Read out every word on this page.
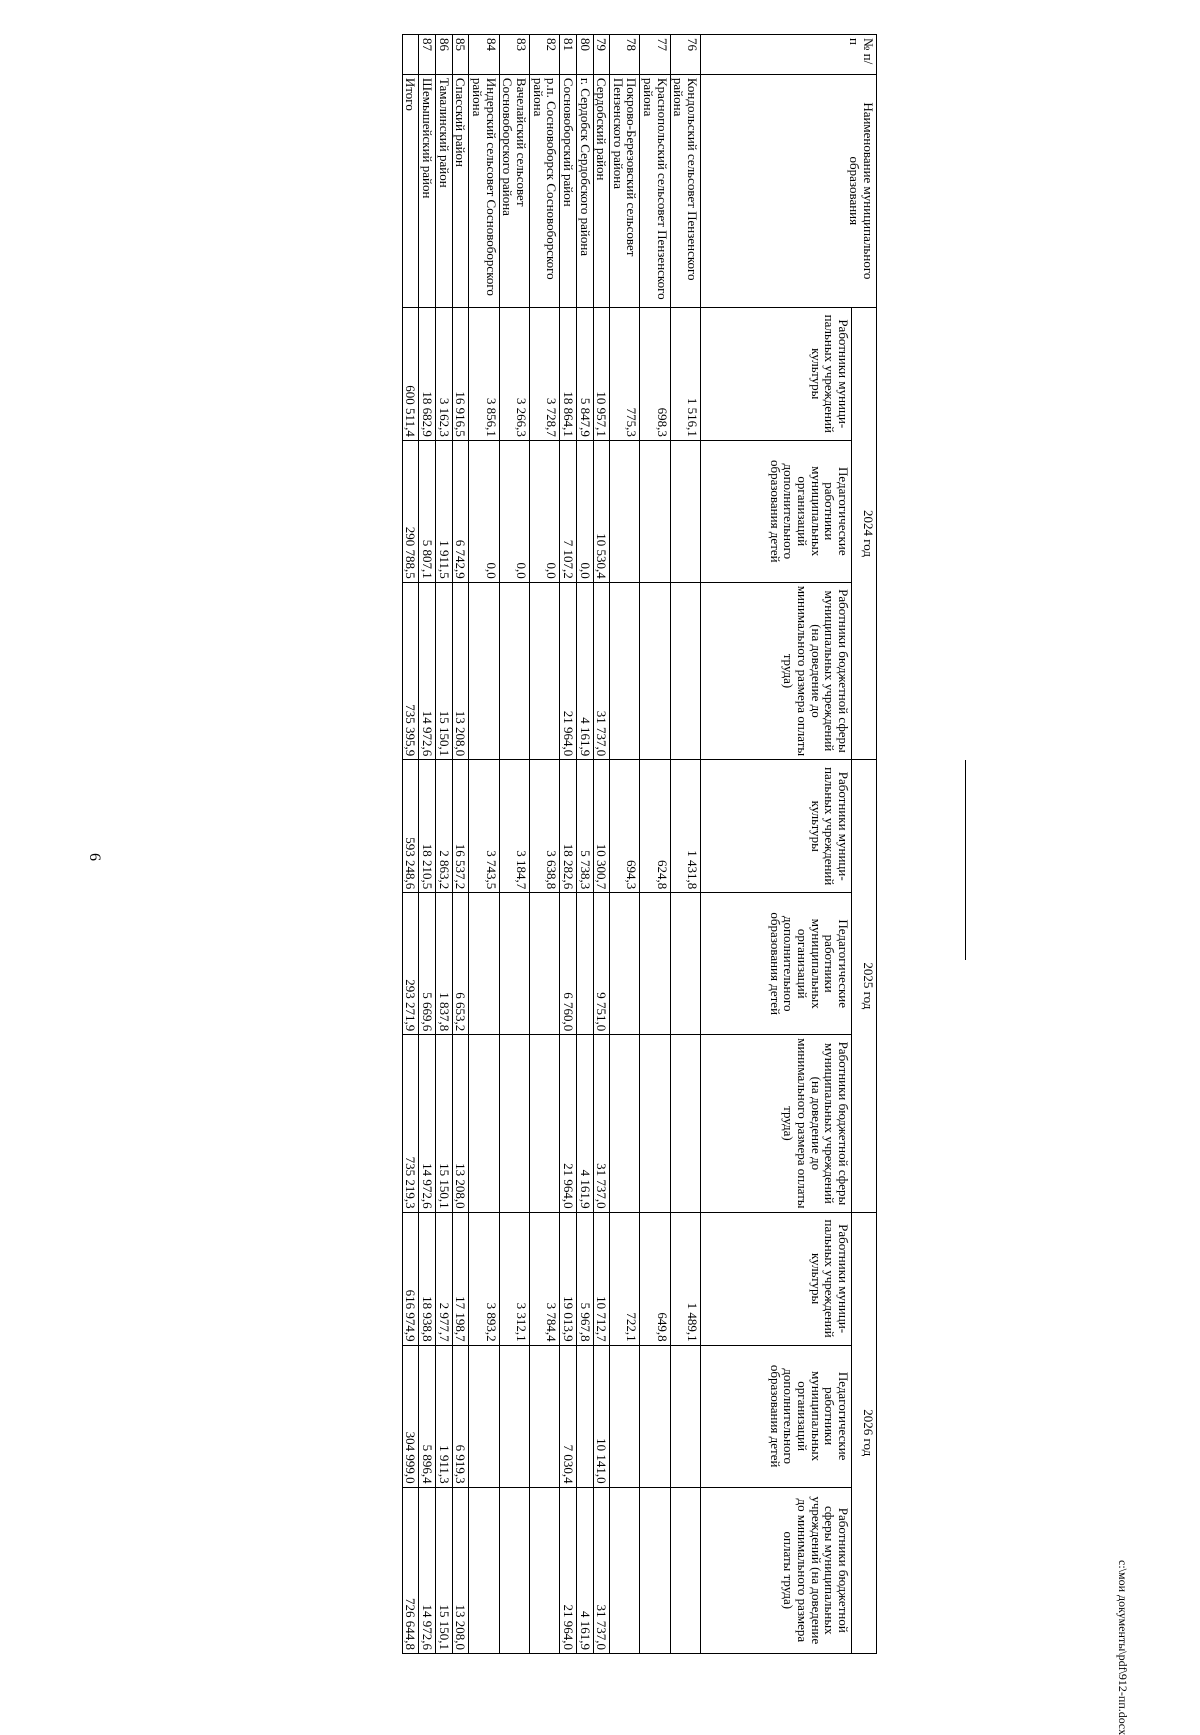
6
c:\мои документы\pdf\912-пп.docx
№ п/п	Наименование муниципального образования	2024 год			2025 год			2026 год		
		Работники муници-пальных учреждений культуры	Педагогические работники муниципальных организаций дополнительного образования детей	Работники бюджетной сферы муниципальных учреждений (на доведение до минимального размера оплаты труда)	Работники муници-пальных учреждений культуры	Педагогические работники муниципальных организаций дополнительного образования детей	Работники бюджетной сферы муниципальных учреждений (на доведение до минимального размера оплаты труда)	Работники муници-пальных учреждений культуры	Педагогические работники муниципальных организаций дополнительного образования детей	Работники бюджетной сферы муниципальных учреждений (на доведение до минимального размера оплаты труда)
76	Кондольский сельсовет Пензенского района	1 516,1			1 431,8			1 489,1		
77	Краснопольский сельсовет Пензенского района	698,3			624,8			649,8		
78	Покрово-Березовский сельсовет Пензенского района	775,3			694,3			722,1		
79	Сердобский район	10 957,1	10 530,4	31 737,0	10 300,7	9 751,0	31 737,0	10 712,7	10 141,0	31 737,0
80	г. Сердобск Сердобского района	5 847,9	0,0	4 161,9	5 738,3		4 161,9	5 967,8		4 161,9
81	Сосновоборский район	18 864,1	7 107,2	21 964,0	18 282,6	6 760,0	21 964,0	19 013,9	7 030,4	21 964,0
82	р.п. Сосновоборск Сосновоборского района	3 728,7	0,0		3 638,8			3 784,4		
83	Вачелайский сельсовет Сосновоборского района	3 266,3	0,0		3 184,7			3 312,1		
84	Индерский сельсовет Сосновоборского района	3 856,1	0,0		3 743,5			3 893,2		
85	Спасский район	16 916,5	6 742,9	13 208,0	16 537,2	6 653,2	13 208,0	17 198,7	6 919,3	13 208,0
86	Тамалинский район	3 162,3	1 911,5	15 150,1	2 863,2	1 837,8	15 150,1	2 977,7	1 911,3	15 150,1
87	Шемышейский район	18 682,9	5 807,1	14 972,6	18 210,5	5 669,6	14 972,6	18 938,8	5 896,4	14 972,6
	Итого	600 511,4	290 788,5	735 395,9	593 248,6	293 271,9	735 219,3	616 974,9	304 999,0	726 644,8
